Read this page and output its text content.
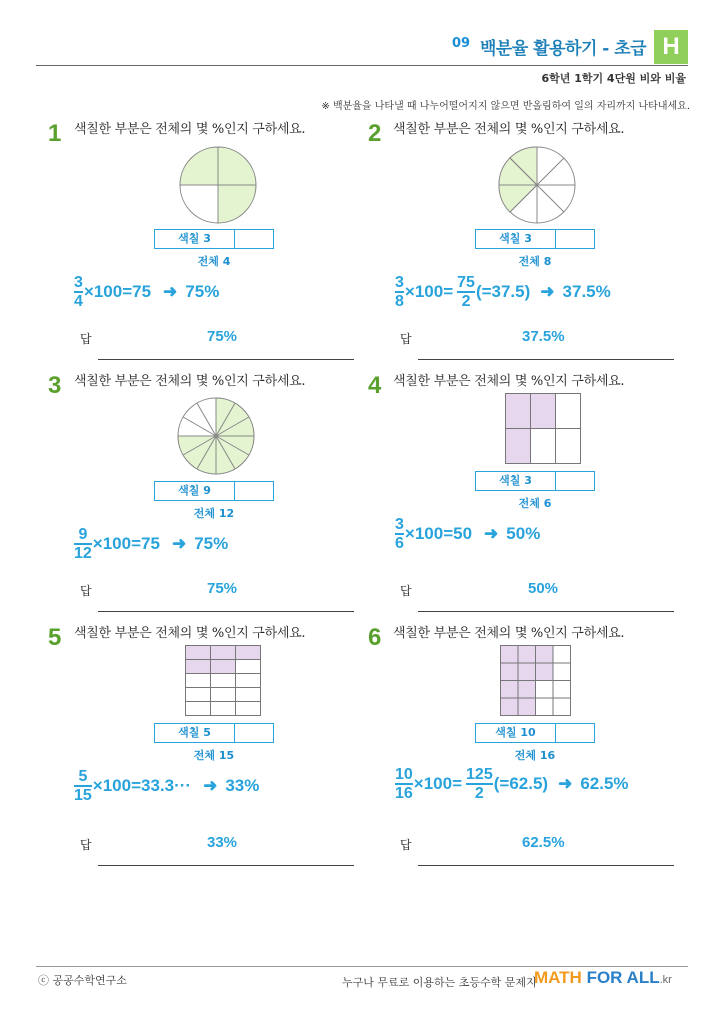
09 백분율 활용하기 - 초급 H
6학년 1학기 4단원 비와 비율
※ 백분율을 나타낼 때 나누어떨어지지 않으면 반올림하여 일의 자리까지 나타내세요.
1 색칠한 부분은 전체의 몇 %인지 구하세요.
색칠 3
전체 4
$\frac{3}{4} \times 100=75$ ➜ 75%
답	75%
2 색칠한 부분은 전체의 몇 %인지 구하세요.
색칠 3
전체 8
$\frac{3}{8} \times 100= \frac{75}{2} (=37.5)$ ➜ 37.5%
답	37.5%
3 색칠한 부분은 전체의 몇 %인지 구하세요.
색칠 9
전체 12
$\frac{9}{12} \times 100=75$ ➜ 75%
답	75%
4 색칠한 부분은 전체의 몇 %인지 구하세요.
색칠 3
전체 6
$\frac{3}{6} \times 100=50$ ➜ 50%
답	50%
5 색칠한 부분은 전체의 몇 %인지 구하세요.
색칠 5
전체 15
$\frac{5}{15} \times 100=33.3\cdot\cdot\cdot$ ➜ 33%
답	33%
6 색칠한 부분은 전체의 몇 %인지 구하세요.
색칠 10
전체 16
$\frac{10}{16} \times 100= \frac{125}{2} (=62.5)$ ➜ 62.5%
답	62.5%
ⓒ 공공수학연구소	누구나 무료로 이용하는 초등수학 문제지
MATH FOR ALL.kr
